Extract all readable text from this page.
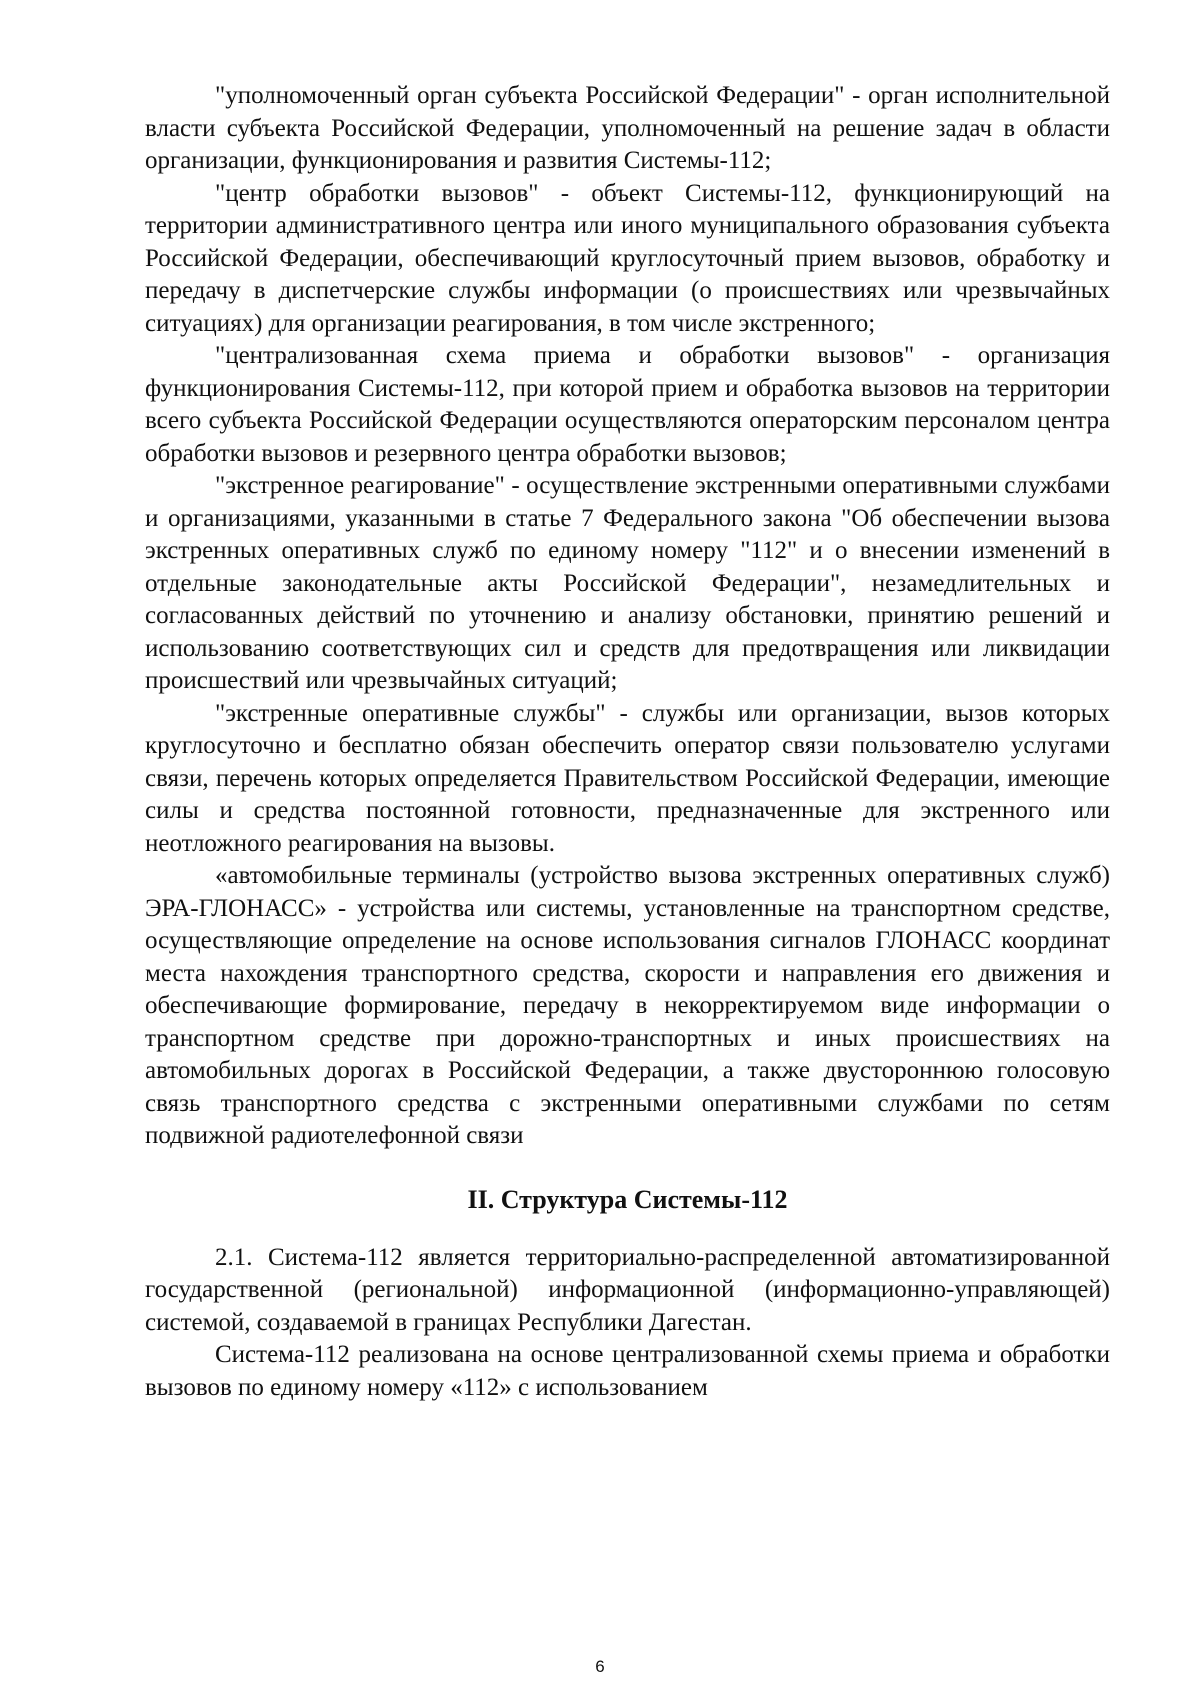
"уполномоченный орган субъекта Российской Федерации" - орган исполнительной власти субъекта Российской Федерации, уполномоченный на решение задач в области организации, функционирования и развития Системы-112;

"центр обработки вызовов" - объект Системы-112, функционирующий на территории административного центра или иного муниципального образования субъекта Российской Федерации, обеспечивающий круглосуточный прием вызовов, обработку и передачу в диспетчерские службы информации (о происшествиях или чрезвычайных ситуациях) для организации реагирования, в том числе экстренного;

"централизованная схема приема и обработки вызовов" - организация функционирования Системы-112, при которой прием и обработка вызовов на территории всего субъекта Российской Федерации осуществляются операторским персоналом центра обработки вызовов и резервного центра обработки вызовов;

"экстренное реагирование" - осуществление экстренными оперативными службами и организациями, указанными в статье 7 Федерального закона "Об обеспечении вызова экстренных оперативных служб по единому номеру "112" и о внесении изменений в отдельные законодательные акты Российской Федерации", незамедлительных и согласованных действий по уточнению и анализу обстановки, принятию решений и использованию соответствующих сил и средств для предотвращения или ликвидации происшествий или чрезвычайных ситуаций;

"экстренные оперативные службы" - службы или организации, вызов которых круглосуточно и бесплатно обязан обеспечить оператор связи пользователю услугами связи, перечень которых определяется Правительством Российской Федерации, имеющие силы и средства постоянной готовности, предназначенные для экстренного или неотложного реагирования на вызовы.

«автомобильные терминалы (устройство вызова экстренных оперативных служб) ЭРА-ГЛОНАСС» - устройства или системы, установленные на транспортном средстве, осуществляющие определение на основе использования сигналов ГЛОНАСС координат места нахождения транспортного средства, скорости и направления его движения и обеспечивающие формирование, передачу в некорректируемом виде информации о транспортном средстве при дорожно-транспортных и иных происшествиях на автомобильных дорогах в Российской Федерации, а также двустороннюю голосовую связь транспортного средства с экстренными оперативными службами по сетям подвижной радиотелефонной связи

II. Структура Системы-112

2.1. Система-112 является территориально-распределенной автоматизированной государственной (региональной) информационной (информационно-управляющей) системой, создаваемой в границах Республики Дагестан.

Система-112 реализована на основе централизованной схемы приема и обработки вызовов по единому номеру «112» с использованием

6
